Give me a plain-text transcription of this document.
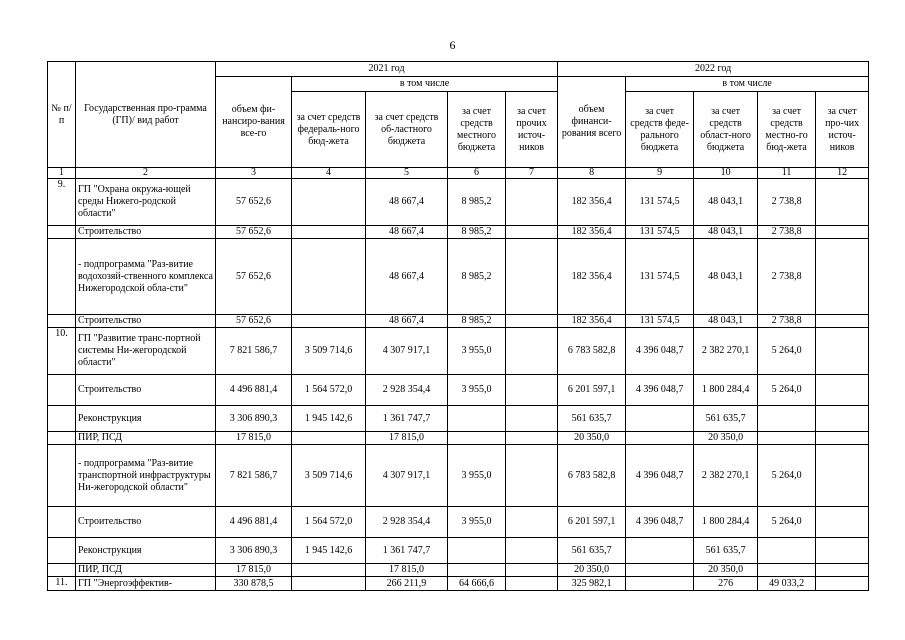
6
№ п/п	Государственная про-грамма (ГП)/ вид работ	2021 год					2022 год				
		объем фи-нансиро-вания все-го	в том числе				объем финанси-рования всего	в том числе			
			за счет средств федераль-ного бюд-жета	за счет средств об-ластного бюджета	за счет средств местного бюджета	за счет прочих источ-ников		за счет средств феде-рального бюджета	за счет средств област-ного бюджета	за счет средств местно-го бюд-жета	за счет про-чих источ-ников
1	2	3	4	5	6	7	8	9	10	11	12
9.	ГП "Охрана окружа-ющей среды Нижего-родской области"	57 652,6		48 667,4	8 985,2		182 356,4	131 574,5	48 043,1	2 738,8	
	Строительство	57 652,6		48 667,4	8 985,2		182 356,4	131 574,5	48 043,1	2 738,8	
	- подпрограмма "Раз-витие водохозяй-ственного комплекса Нижегородской обла-сти"	57 652,6		48 667,4	8 985,2		182 356,4	131 574,5	48 043,1	2 738,8	
	Строительство	57 652,6		48 667,4	8 985,2		182 356,4	131 574,5	48 043,1	2 738,8	
10.	ГП "Развитие транс-портной системы Ни-жегородской области"	7 821 586,7	3 509 714,6	4 307 917,1	3 955,0		6 783 582,8	4 396 048,7	2 382 270,1	5 264,0	
	Строительство	4 496 881,4	1 564 572,0	2 928 354,4	3 955,0		6 201 597,1	4 396 048,7	1 800 284,4	5 264,0	
	Реконструкция	3 306 890,3	1 945 142,6	1 361 747,7			561 635,7		561 635,7		
	ПИР, ПСД	17 815,0		17 815,0			20 350,0		20 350,0		
	- подпрограмма "Раз-витие транспортной инфраструктуры Ни-жегородской области"	7 821 586,7	3 509 714,6	4 307 917,1	3 955,0		6 783 582,8	4 396 048,7	2 382 270,1	5 264,0	
	Строительство	4 496 881,4	1 564 572,0	2 928 354,4	3 955,0		6 201 597,1	4 396 048,7	1 800 284,4	5 264,0	
	Реконструкция	3 306 890,3	1 945 142,6	1 361 747,7			561 635,7		561 635,7		
	ПИР, ПСД	17 815,0		17 815,0			20 350,0		20 350,0		
11.	ГП "Энергоэффектив-	330 878,5		266 211,9	64 666,6		325 982,1		276	49 033,2	
